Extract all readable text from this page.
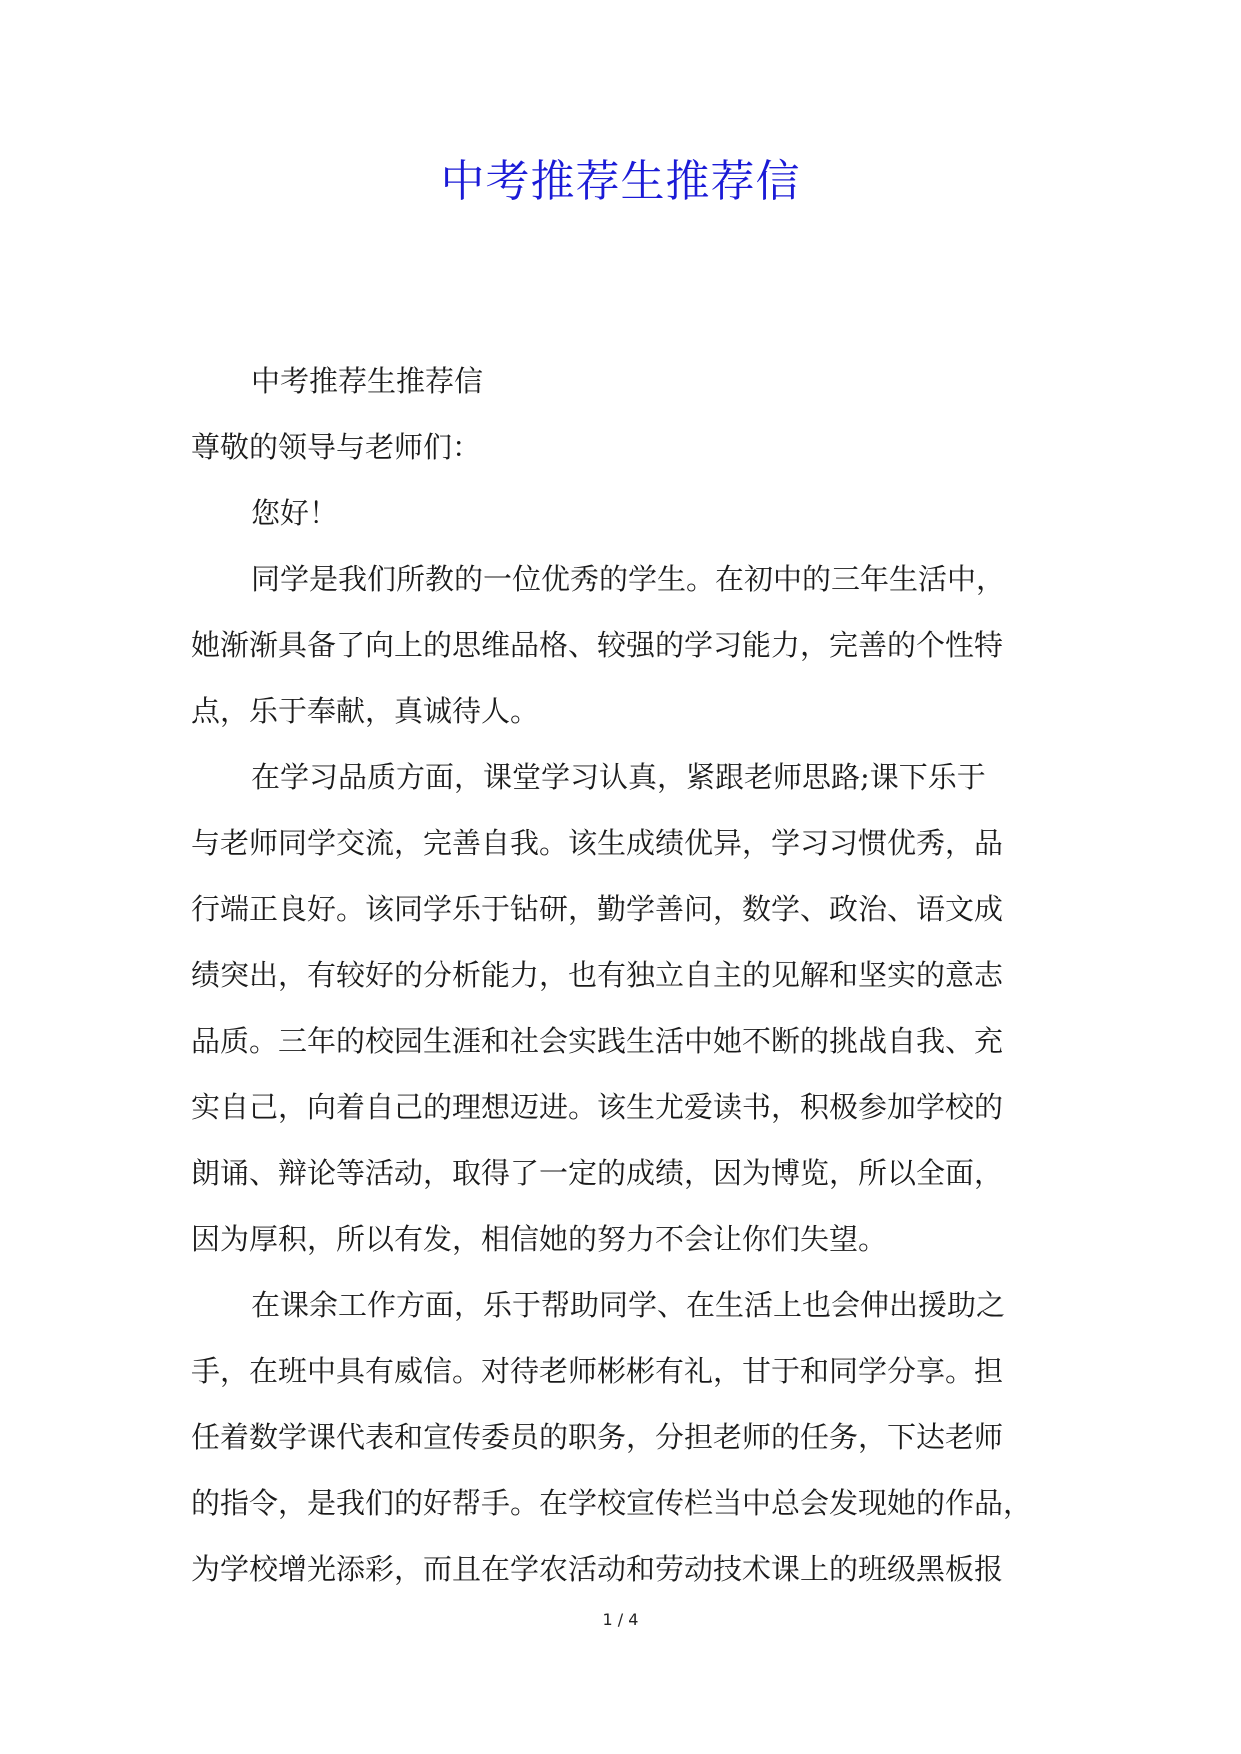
中考推荐生推荐信
中考推荐生推荐信
尊敬的领导与老师们：
您好！
同学是我们所教的一位优秀的学生。在初中的三年生活中，
她渐渐具备了向上的思维品格、较强的学习能力，完善的个性特
点，乐于奉献，真诚待人。
在学习品质方面，课堂学习认真，紧跟老师思路;课下乐于
与老师同学交流，完善自我。该生成绩优异，学习习惯优秀，品
行端正良好。该同学乐于钻研，勤学善问，数学、政治、语文成
绩突出，有较好的分析能力，也有独立自主的见解和坚实的意志
品质。三年的校园生涯和社会实践生活中她不断的挑战自我、充
实自己，向着自己的理想迈进。该生尤爱读书，积极参加学校的
朗诵、辩论等活动，取得了一定的成绩，因为博览，所以全面，
因为厚积，所以有发，相信她的努力不会让你们失望。
在课余工作方面，乐于帮助同学、在生活上也会伸出援助之
手，在班中具有威信。对待老师彬彬有礼，甘于和同学分享。担
任着数学课代表和宣传委员的职务，分担老师的任务，下达老师
的指令，是我们的好帮手。在学校宣传栏当中总会发现她的作品，
为学校增光添彩，而且在学农活动和劳动技术课上的班级黑板报
1 / 4
